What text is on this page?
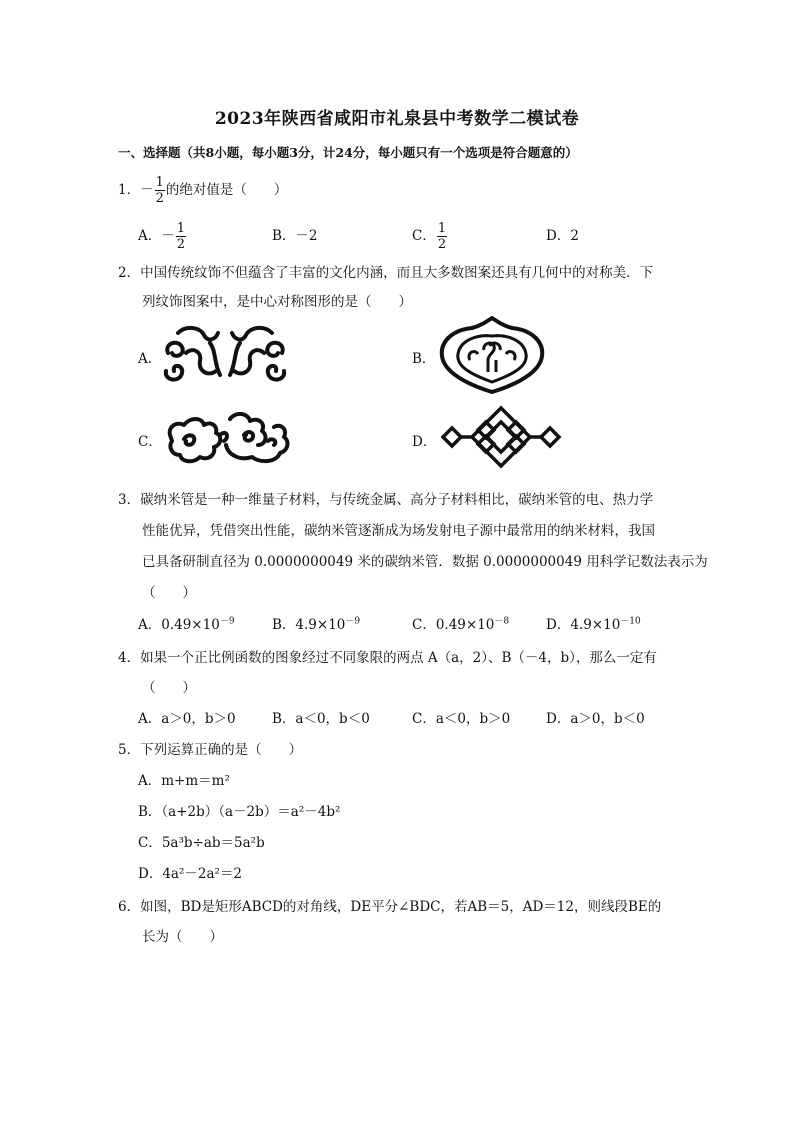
2023年陕西省咸阳市礼泉县中考数学二模试卷
一、选择题（共8小题，每小题3分，计24分，每小题只有一个选项是符合题意的）
1．－ $\frac{1}{2}$ 的绝对值是（　　）
A．－ $\frac{1}{2}$	B．－2	C． $\frac{1}{2}$	D．2
2．中国传统纹饰不但蕴含了丰富的文化内涵，而且大多数图案还具有几何中的对称美．下
列纹饰图案中，是中心对称图形的是（　　）
A．	B．
C．	D．
3．碳纳米管是一种一维量子材料，与传统金属、高分子材料相比，碳纳米管的电、热力学
性能优异，凭借突出性能，碳纳米管逐渐成为场发射电子源中最常用的纳米材料，我国
已具备研制直径为 0.0000000049 米的碳纳米管．数据 0.0000000049 用科学记数法表示为
（　　）
A．$0.49\times 10^{-9}$	B．$4.9\times 10^{-9}$	C．$0.49\times 10^{-8}$	D．$4.9\times 10^{-10}$
4．如果一个正比例函数的图象经过不同象限的两点 A（a，2）、B（－4，b），那么一定有
（　　）
A．a＞0，b＞0	B．a＜0，b＜0	C．a＜0，b＞0	D．a＞0，b＜0
5．下列运算正确的是（　　）
A．m+m＝m²
B．（a+2b）（a－2b）＝a²－4b²
C．5a³b÷ab＝5a²b
D．4a²－2a²＝2
6．如图，BD是矩形ABCD的对角线，DE平分∠BDC，若AB＝5，AD＝12，则线段BE的
长为（　　）
